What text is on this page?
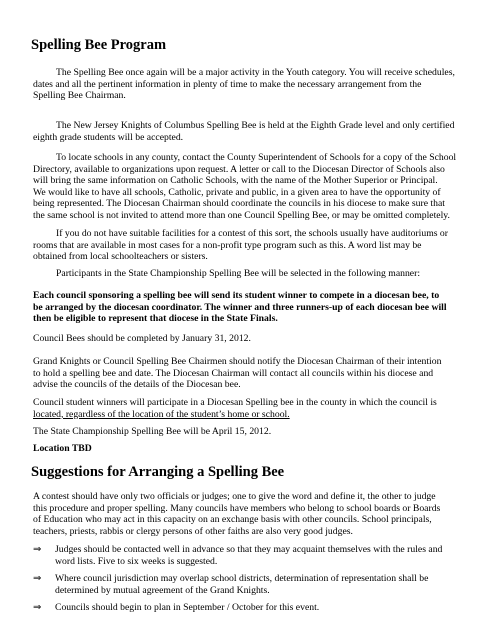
Spelling Bee Program

The Spelling Bee once again will be a major activity in the Youth category. You will receive schedules,
dates and all the pertinent information in plenty of time to make the necessary arrangement from the
Spelling Bee Chairman.

The New Jersey Knights of Columbus Spelling Bee is held at the Eighth Grade level and only certified
eighth grade students will be accepted.

To locate schools in any county, contact the County Superintendent of Schools for a copy of the School
Directory, available to organizations upon request. A letter or call to the Diocesan Director of Schools also
will bring the same information on Catholic Schools, with the name of the Mother Superior or Principal.
We would like to have all schools, Catholic, private and public, in a given area to have the opportunity of
being represented. The Diocesan Chairman should coordinate the councils in his diocese to make sure that
the same school is not invited to attend more than one Council Spelling Bee, or may be omitted completely.

If you do not have suitable facilities for a contest of this sort, the schools usually have auditoriums or
rooms that are available in most cases for a non-profit type program such as this. A word list may be
obtained from local schoolteachers or sisters.

Participants in the State Championship Spelling Bee will be selected in the following manner:

Each council sponsoring a spelling bee will send its student winner to compete in a diocesan bee, to
be arranged by the diocesan coordinator. The winner and three runners-up of each diocesan bee will
then be eligible to represent that diocese in the State Finals.

Council Bees should be completed by January 31, 2012.

Grand Knights or Council Spelling Bee Chairmen should notify the Diocesan Chairman of their intention
to hold a spelling bee and date. The Diocesan Chairman will contact all councils within his diocese and
advise the councils of the details of the Diocesan bee.

Council student winners will participate in a Diocesan Spelling bee in the county in which the council is
located, regardless of the location of the student’s home or school.

The State Championship Spelling Bee will be April 15, 2012.

Location TBD

Suggestions for Arranging a Spelling Bee

A contest should have only two officials or judges; one to give the word and define it, the other to judge
this procedure and proper spelling. Many councils have members who belong to school boards or Boards
of Education who may act in this capacity on an exchange basis with other councils. School principals,
teachers, priests, rabbis or clergy persons of other faiths are also very good judges.

⇒ Judges should be contacted well in advance so that they may acquaint themselves with the rules and
word lists. Five to six weeks is suggested.
⇒ Where council jurisdiction may overlap school districts, determination of representation shall be
determined by mutual agreement of the Grand Knights.
⇒ Councils should begin to plan in September / October for this event.
